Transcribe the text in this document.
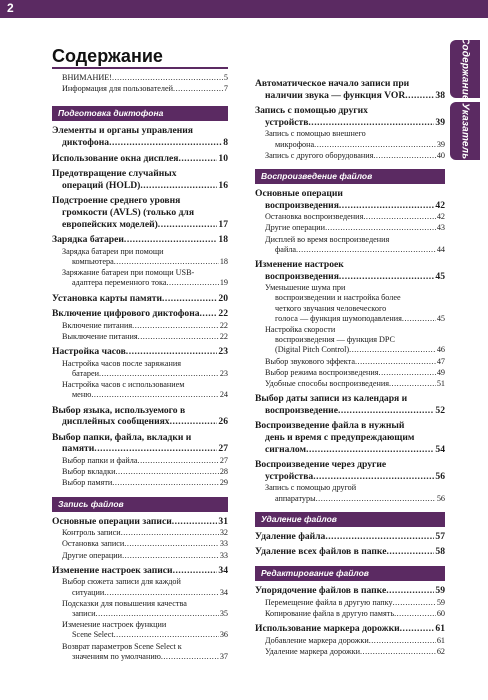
2
Содержание
Указатель
Содержание
ВНИМАНИЕ! .....	5
Информация для пользователей .....	7
Подготовка диктофона
Элементы и органы управления
диктофона .....	8
Использование окна дисплея .....	10
Предотвращение случайных
операций (HOLD) .....	16
Подстроение среднего уровня
громкости (AVLS) (только для
европейских моделей) .....	17
Зарядка батареи .....	18
Зарядка батареи при помощи
компьютера .....	18
Заряжание батареи при помощи USB-
адаптера переменного тока .....	19
Установка карты памяти .....	20
Включение цифрового диктофона .....	22
Включение питания .....	22
Выключение питания .....	22
Настройка часов .....	23
Настройка часов после заряжания
батареи .....	23
Настройка часов с использованием
меню .....	24
Выбор языка, используемого в
дисплейных сообщениях .....	26
Выбор папки, файла, вкладки и
памяти .....	27
Выбор папки и файла .....	27
Выбор вкладки .....	28
Выбор памяти .....	29
Запись файлов
Основные операции записи .....	31
Контроль записи .....	32
Остановка записи .....	33
Другие операции .....	33
Изменение настроек записи .....	34
Выбор сюжета записи для каждой
ситуации .....	34
Подсказки для повышения качества
записи .....	35
Изменение настроек функции
Scene Select .....	36
Возврат параметров Scene Select к
значениям по умолчанию .....	37
Автоматическое начало записи при
наличии звука — функция VOR .....	38
Запись с помощью других
устройств .....	39
Запись с помощью внешнего
микрофона .....	39
Запись с другого оборудования .....	40
Воспроизведение файлов
Основные операции
воспроизведения .....	42
Остановка воспроизведения .....	42
Другие операции .....	43
Дисплей во время воспроизведения
файла .....	44
Изменение настроек
воспроизведения .....	45
Уменьшение шума при
воспроизведении и настройка более
четкого звучания человеческого
голоса — функция шумоподавления .....	45
Настройка скорости
воспроизведения — функция DPC
(Digital Pitch Control) .....	46
Выбор звукового эффекта .....	47
Выбор режима воспроизведения .....	49
Удобные способы воспроизведения .....	51
Выбор даты записи из календаря и
воспроизведение .....	52
Воспроизведение файла в нужный
день и время с предупреждающим
сигналом .....	54
Воспроизведение через другие
устройства .....	56
Запись с помощью другой
аппаратуры .....	56
Удаление файлов
Удаление файла .....	57
Удаление всех файлов в папке .....	58
Редактирование файлов
Упорядочение файлов в папке .....	59
Перемещение файла в другую папку .....	59
Копирование файла в другую память .....	60
Использование маркера дорожки .....	61
Добавление маркера дорожки .....	61
Удаление маркера дорожки .....	62
